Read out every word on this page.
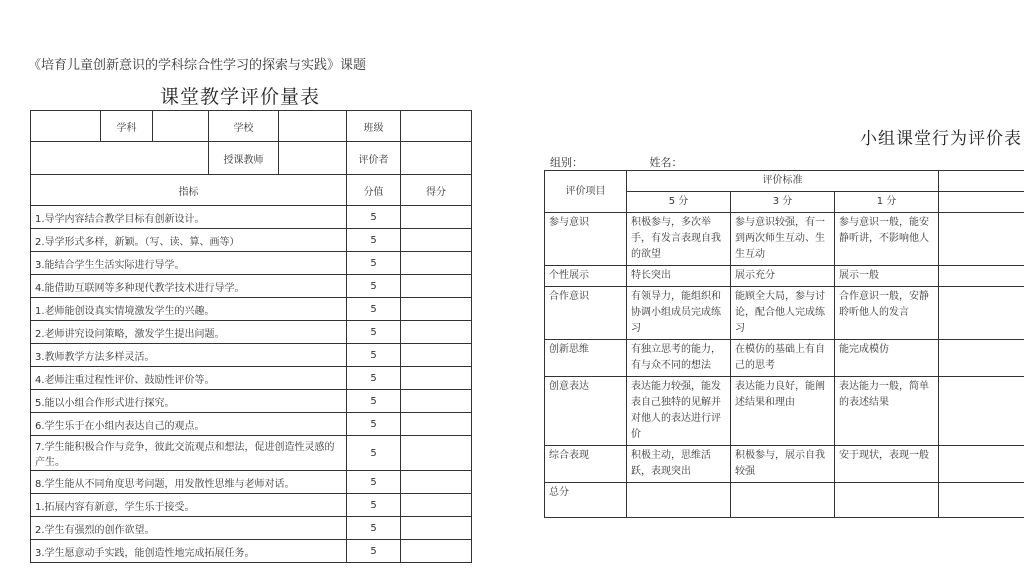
《培育儿童创新意识的学科综合性学习的探索与实践》课题
课堂教学评价量表
	学科		学校		班级	
			授课教师		评价者	
指标					分值	得分
1.导学内容结合教学目标有创新设计。					5	
2.导学形式多样，新颖。（写、读、算、画等）					5	
3.能结合学生生活实际进行导学。					5	
4.能借助互联网等多种现代教学技术进行导学。					5	
1.老师能创设真实情境激发学生的兴趣。					5	
2.老师讲究设问策略，激发学生提出问题。					5	
3.教师教学方法多样灵活。					5	
4.老师注重过程性评价、鼓励性评价等。					5	
5.能以小组合作形式进行探究。					5	
6.学生乐于在小组内表达自己的观点。					5	
7.学生能积极合作与竞争，彼此交流观点和想法，促进创造性灵感的产生。					5	
8.学生能从不同角度思考问题，用发散性思维与老师对话。					5	
1.拓展内容有新意，学生乐于接受。					5	
2.学生有强烈的创作欲望。					5	
3.学生愿意动手实践，能创造性地完成拓展任务。					5	
小组课堂行为评价表
组别：	姓名：
评价项目	评价标准			
	5 分	3 分	1 分	
参与意识	积极参与，多次举手，有发言表现自我的欲望	参与意识较强，有一到两次师生互动、生生互动	参与意识一般，能安静听讲，不影响他人	
个性展示	特长突出	展示充分	展示一般	
合作意识	有领导力，能组织和协调小组成员完成练习	能顾全大局，参与讨论，配合他人完成练习	合作意识一般，安静聆听他人的发言	
创新思维	有独立思考的能力，有与众不同的想法	在模仿的基础上有自己的思考	能完成模仿	
创意表达	表达能力较强，能发表自己独特的见解并对他人的表达进行评价	表达能力良好，能阐述结果和理由	表达能力一般，简单的表述结果	
综合表现	积极主动，思维活跃，表现突出	积极参与，展示自我较强	安于现状，表现一般	
总分				
